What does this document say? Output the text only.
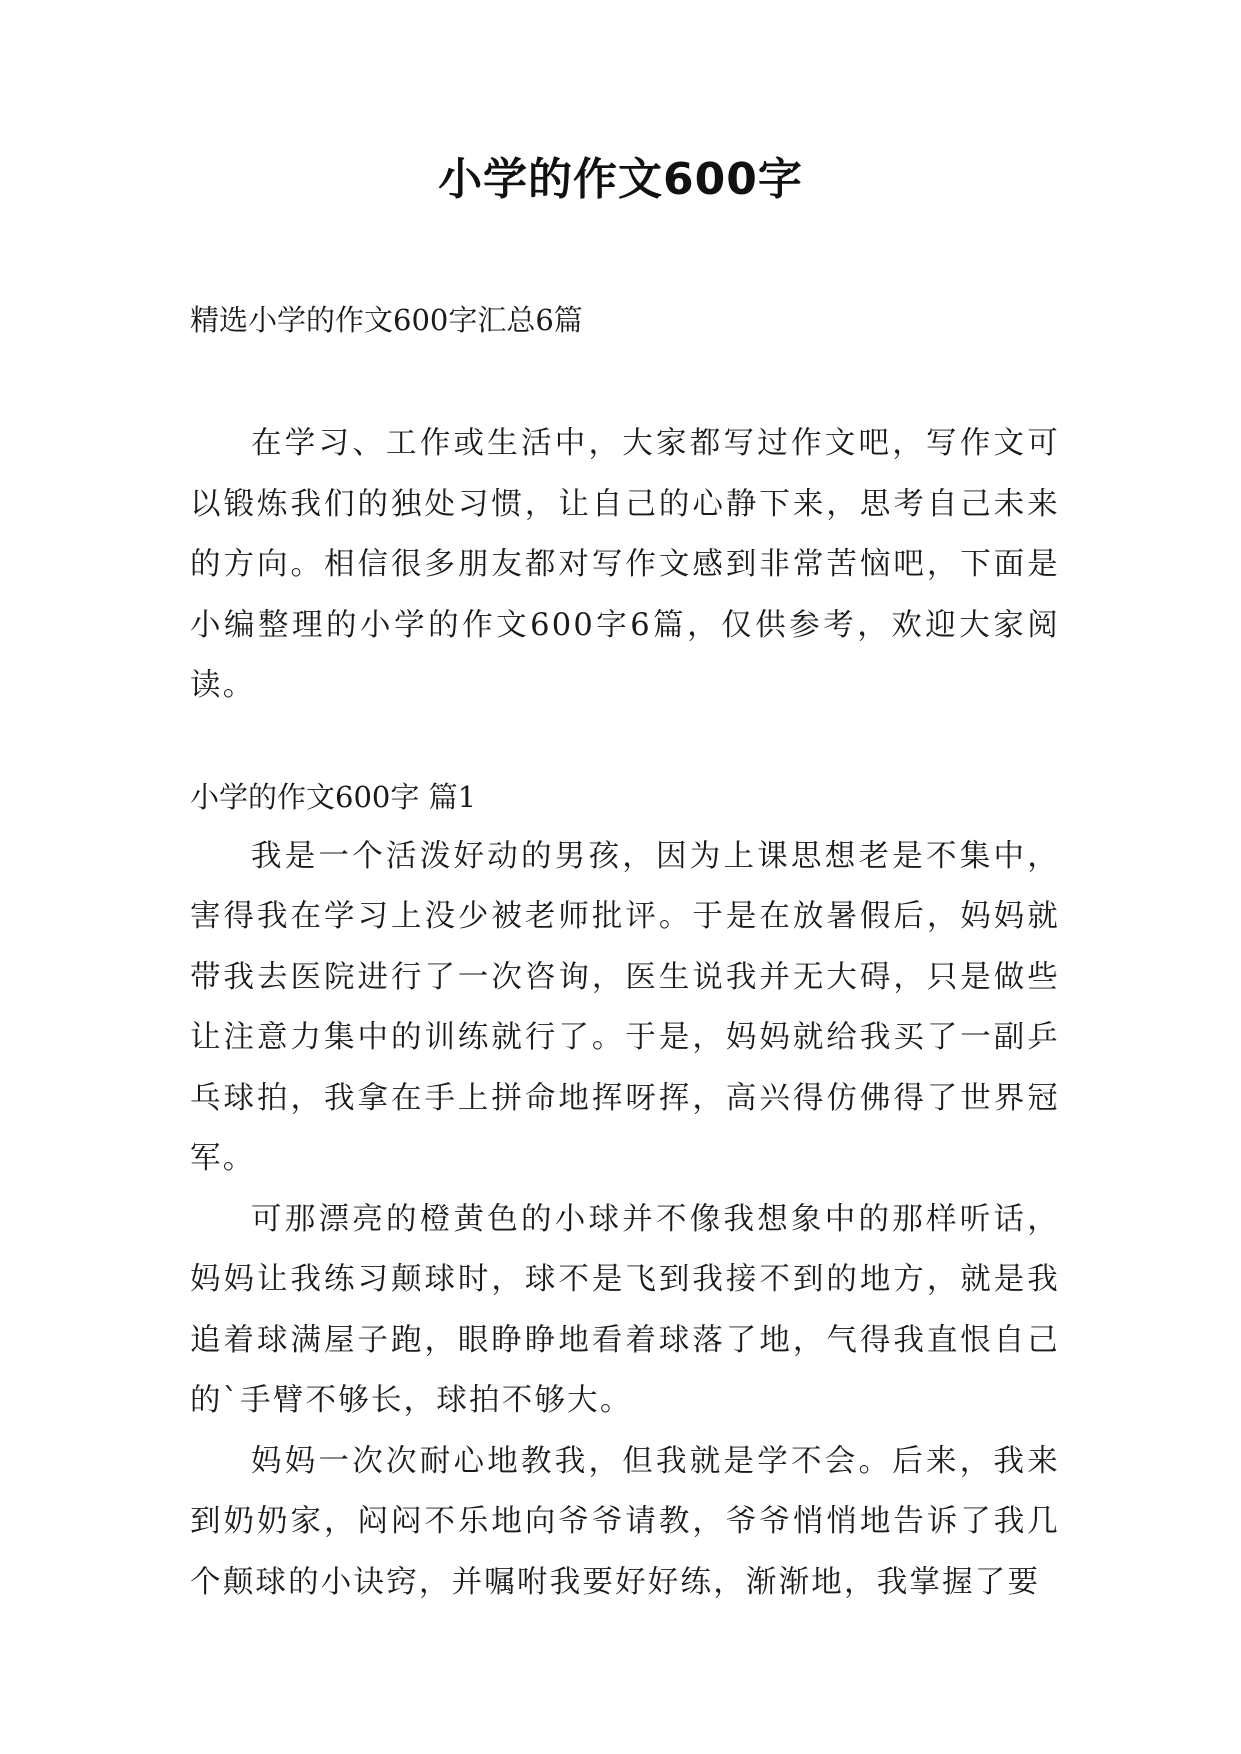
小学的作文600字
精选小学的作文600字汇总6篇

在学习、工作或生活中，大家都写过作文吧，写作文可以锻炼我们的独处习惯，让自己的心静下来，思考自己未来的方向。相信很多朋友都对写作文感到非常苦恼吧，下面是小编整理的小学的作文600字6篇，仅供参考，欢迎大家阅读。

小学的作文600字 篇1

我是一个活泼好动的男孩，因为上课思想老是不集中，害得我在学习上没少被老师批评。于是在放暑假后，妈妈就带我去医院进行了一次咨询，医生说我并无大碍，只是做些让注意力集中的训练就行了。于是，妈妈就给我买了一副乒乓球拍，我拿在手上拼命地挥呀挥，高兴得仿佛得了世界冠军。

可那漂亮的橙黄色的小球并不像我想象中的那样听话，妈妈让我练习颠球时，球不是飞到我接不到的地方，就是我追着球满屋子跑，眼睁睁地看着球落了地，气得我直恨自己的`手臂不够长，球拍不够大。

妈妈一次次耐心地教我，但我就是学不会。后来，我来到奶奶家，闷闷不乐地向爷爷请教，爷爷悄悄地告诉了我几个颠球的小诀窍，并嘱咐我要好好练，渐渐地，我掌握了要
